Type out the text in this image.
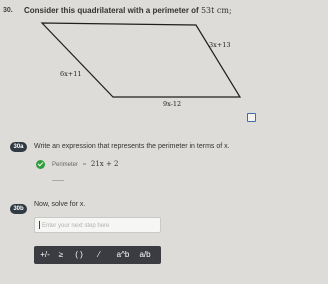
30. Consider this quadrilateral with a perimeter of 53t cm;
3x+13
6x+11
9x-12
30a	Write an expression that represents the perimeter in terms of x.
Perimeter = 21x + 2
30b
Now, solve for x.
Enter your next step here
+/-	≥	( )	⁄	a^b a/b
